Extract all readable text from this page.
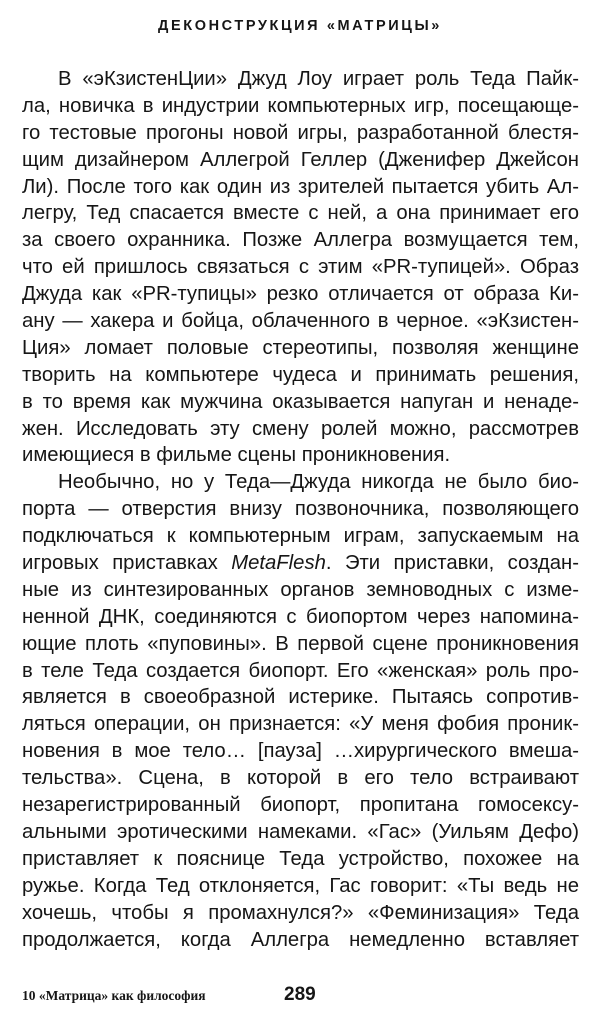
ДЕКОНСТРУКЦИЯ «МАТРИЦЫ»
В «эКзистенЦии» Джуд Лоу играет роль Теда Пайк-
ла, новичка в индустрии компьютерных игр, посещающе-
го тестовые прогоны новой игры, разработанной блестя-
щим дизайнером Аллегрой Геллер (Дженифер Джейсон
Ли). После того как один из зрителей пытается убить Ал-
легру, Тед спасается вместе с ней, а она принимает его
за своего охранника. Позже Аллегра возмущается тем,
что ей пришлось связаться с этим «PR-тупицей». Образ
Джуда как «PR-тупицы» резко отличается от образа Ки-
ану — хакера и бойца, облаченного в черное. «эКзистен-
Ция» ломает половые стереотипы, позволяя женщине
творить на компьютере чудеса и принимать решения,
в то время как мужчина оказывается напуган и ненаде-
жен. Исследовать эту смену ролей можно, рассмотрев
имеющиеся в фильме сцены проникновения.
Необычно, но у Теда—Джуда никогда не было био-
порта — отверстия внизу позвоночника, позволяющего
подключаться к компьютерным играм, запускаемым на
игровых приставках MetaFlesh. Эти приставки, создан-
ные из синтезированных органов земноводных с изме-
ненной ДНК, соединяются с биопортом через напомина-
ющие плоть «пуповины». В первой сцене проникновения
в теле Теда создается биопорт. Его «женская» роль про-
является в своеобразной истерике. Пытаясь сопротив-
ляться операции, он признается: «У меня фобия проник-
новения в мое тело… [пауза] …хирургического вмеша-
тельства». Сцена, в которой в его тело встраивают
незарегистрированный биопорт, пропитана гомосексу-
альными эротическими намеками. «Гас» (Уильям Дефо)
приставляет к пояснице Теда устройство, похожее на
ружье. Когда Тед отклоняется, Гас говорит: «Ты ведь не
хочешь, чтобы я промахнулся?» «Феминизация» Теда
продолжается, когда Аллегра немедленно вставляет
10 «Матрица» как философия	289
